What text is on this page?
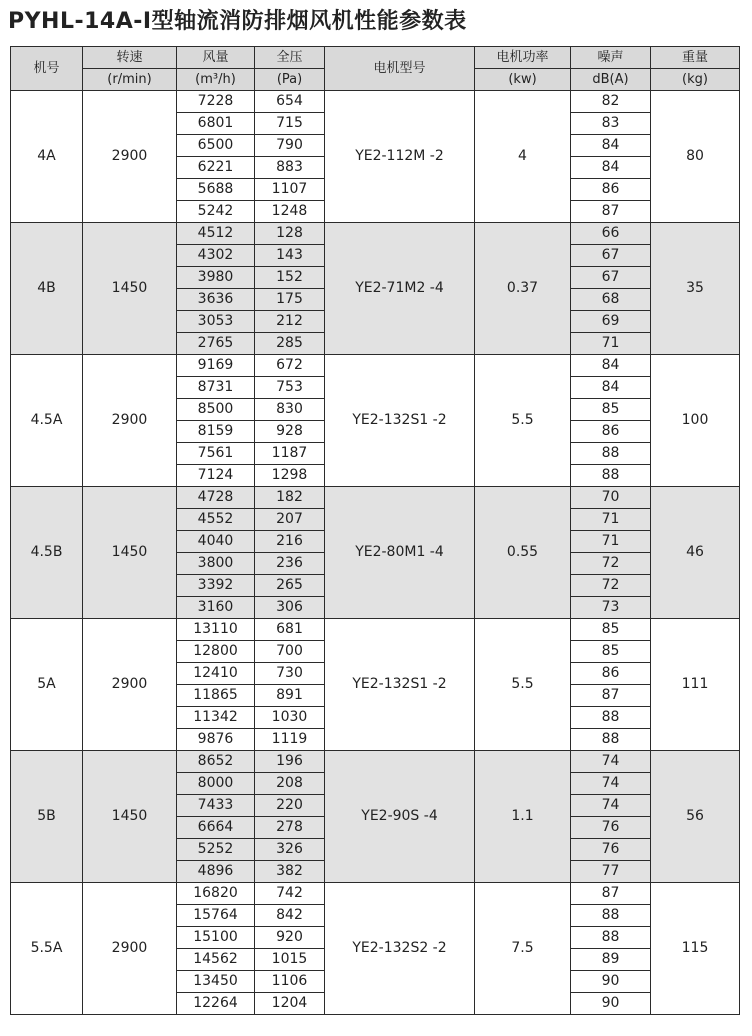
PYHL-14A-I型轴流消防排烟风机性能参数表
机号	转速	风量	全压	电机型号	电机功率	噪声	重量
	(r/min)	(m³/h)	(Pa)		(kw)	dB(A)	(kg)
4A	2900	7228	654	YE2-112M -2	4	82	80
		6801	715			83	
		6500	790			84	
		6221	883			84	
		5688	1107			86	
		5242	1248			87	
4B	1450	4512	128	YE2-71M2 -4	0.37	66	35
		4302	143			67	
		3980	152			67	
		3636	175			68	
		3053	212			69	
		2765	285			71	
4.5A	2900	9169	672	YE2-132S1 -2	5.5	84	100
		8731	753			84	
		8500	830			85	
		8159	928			86	
		7561	1187			88	
		7124	1298			88	
4.5B	1450	4728	182	YE2-80M1 -4	0.55	70	46
		4552	207			71	
		4040	216			71	
		3800	236			72	
		3392	265			72	
		3160	306			73	
5A	2900	13110	681	YE2-132S1 -2	5.5	85	111
		12800	700			85	
		12410	730			86	
		11865	891			87	
		11342	1030			88	
		9876	1119			88	
5B	1450	8652	196	YE2-90S -4	1.1	74	56
		8000	208			74	
		7433	220			74	
		6664	278			76	
		5252	326			76	
		4896	382			77	
5.5A	2900	16820	742	YE2-132S2 -2	7.5	87	115
		15764	842			88	
		15100	920			88	
		14562	1015			89	
		13450	1106			90	
		12264	1204			90	
